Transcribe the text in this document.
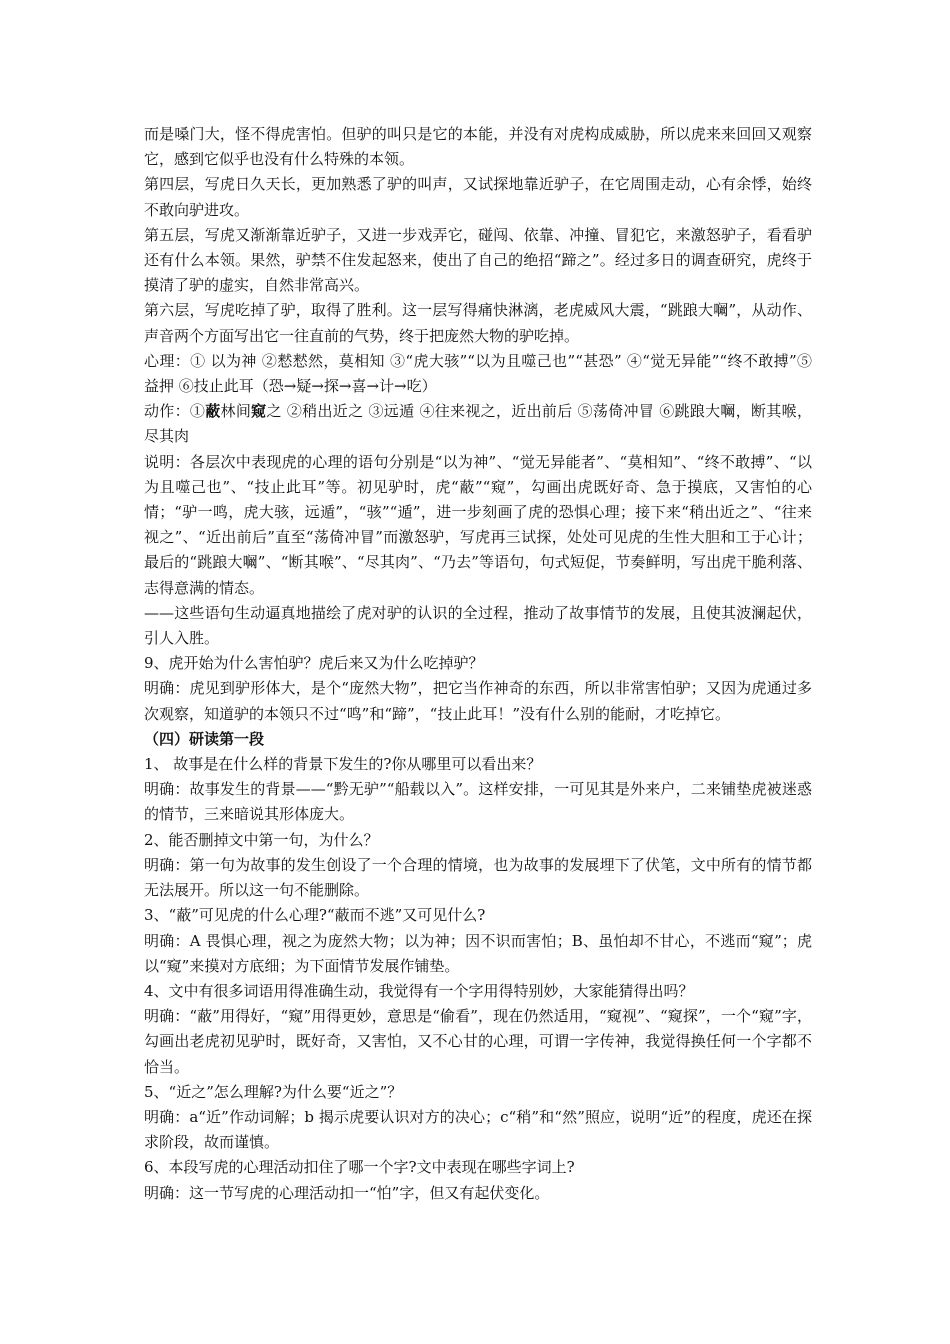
而是嗓门大，怪不得虎害怕。但驴的叫只是它的本能，并没有对虎构成威胁，所以虎来来回回又观察它，感到它似乎也没有什么特殊的本领。

第四层，写虎日久天长，更加熟悉了驴的叫声，又试探地靠近驴子，在它周围走动，心有余悸，始终不敢向驴进攻。

第五层，写虎又渐渐靠近驴子，又进一步戏弄它，碰闯、依靠、冲撞、冒犯它，来激怒驴子，看看驴还有什么本领。果然，驴禁不住发起怒来，使出了自己的绝招“蹄之”。经过多日的调查研究，虎终于摸清了驴的虚实，自然非常高兴。

第六层，写虎吃掉了驴，取得了胜利。这一层写得痛快淋漓，老虎威风大震，“跳踉大㘎”，从动作、声音两个方面写出它一往直前的气势，终于把庞然大物的驴吃掉。

心理：① 以为神 ②慭慭然，莫相知 ③“虎大骇”“以为且噬己也”“甚恐” ④“觉无异能”“终不敢搏”⑤ 益押 ⑥技止此耳（恐→疑→探→喜→计→吃）

动作：①蔽林间窥之 ②稍出近之 ③远遁 ④往来视之，近出前后 ⑤荡倚冲冒 ⑥跳踉大㘎，断其喉，尽其肉

说明：各层次中表现虎的心理的语句分别是“以为神”、“觉无异能者”、“莫相知”、“终不敢搏”、“以为且噬己也”、“技止此耳”等。初见驴时，虎“蔽”“窥”，勾画出虎既好奇、急于摸底，又害怕的心情；“驴一鸣，虎大骇，远遁”，“骇”“遁”，进一步刻画了虎的恐惧心理；接下来“稍出近之”、“往来视之”、“近出前后”直至“荡倚冲冒”而激怒驴，写虎再三试探，处处可见虎的生性大胆和工于心计；最后的“跳踉大㘎”、“断其喉”、“尽其肉”、“乃去”等语句，句式短促，节奏鲜明，写出虎干脆利落、志得意满的情态。

——这些语句生动逼真地描绘了虎对驴的认识的全过程，推动了故事情节的发展，且使其波澜起伏，引人入胜。

9、虎开始为什么害怕驴？虎后来又为什么吃掉驴？

明确：虎见到驴形体大，是个“庞然大物”，把它当作神奇的东西，所以非常害怕驴；又因为虎通过多次观察，知道驴的本领只不过“鸣”和“蹄”，“技止此耳！”没有什么别的能耐，才吃掉它。

（四）研读第一段

1、 故事是在什么样的背景下发生的?你从哪里可以看出来？

明确：故事发生的背景——“黔无驴”“船载以入”。这样安排，一可见其是外来户，二来铺垫虎被迷惑的情节，三来暗说其形体庞大。

2、能否删掉文中第一句，为什么？

明确：第一句为故事的发生创设了一个合理的情境，也为故事的发展埋下了伏笔，文中所有的情节都无法展开。所以这一句不能删除。

3、“蔽”可见虎的什么心理?“蔽而不逃”又可见什么?

明确：A 畏惧心理，视之为庞然大物；以为神；因不识而害怕；B、虽怕却不甘心，不逃而“窥”；虎以“窥”来摸对方底细；为下面情节发展作铺垫。

4、文中有很多词语用得准确生动，我觉得有一个字用得特别妙，大家能猜得出吗？

明确：“蔽”用得好，“窥”用得更妙，意思是“偷看”，现在仍然适用，“窥视”、“窥探”，一个“窥”字，勾画出老虎初见驴时，既好奇，又害怕，又不心甘的心理，可谓一字传神，我觉得换任何一个字都不恰当。

5、“近之”怎么理解?为什么要“近之”？

明确：a“近”作动词解；b 揭示虎要认识对方的决心；c“稍”和“然”照应，说明“近”的程度，虎还在探求阶段，故而谨慎。

6、本段写虎的心理活动扣住了哪一个字?文中表现在哪些字词上?

明确：这一节写虎的心理活动扣一“怕”字，但又有起伏变化。
